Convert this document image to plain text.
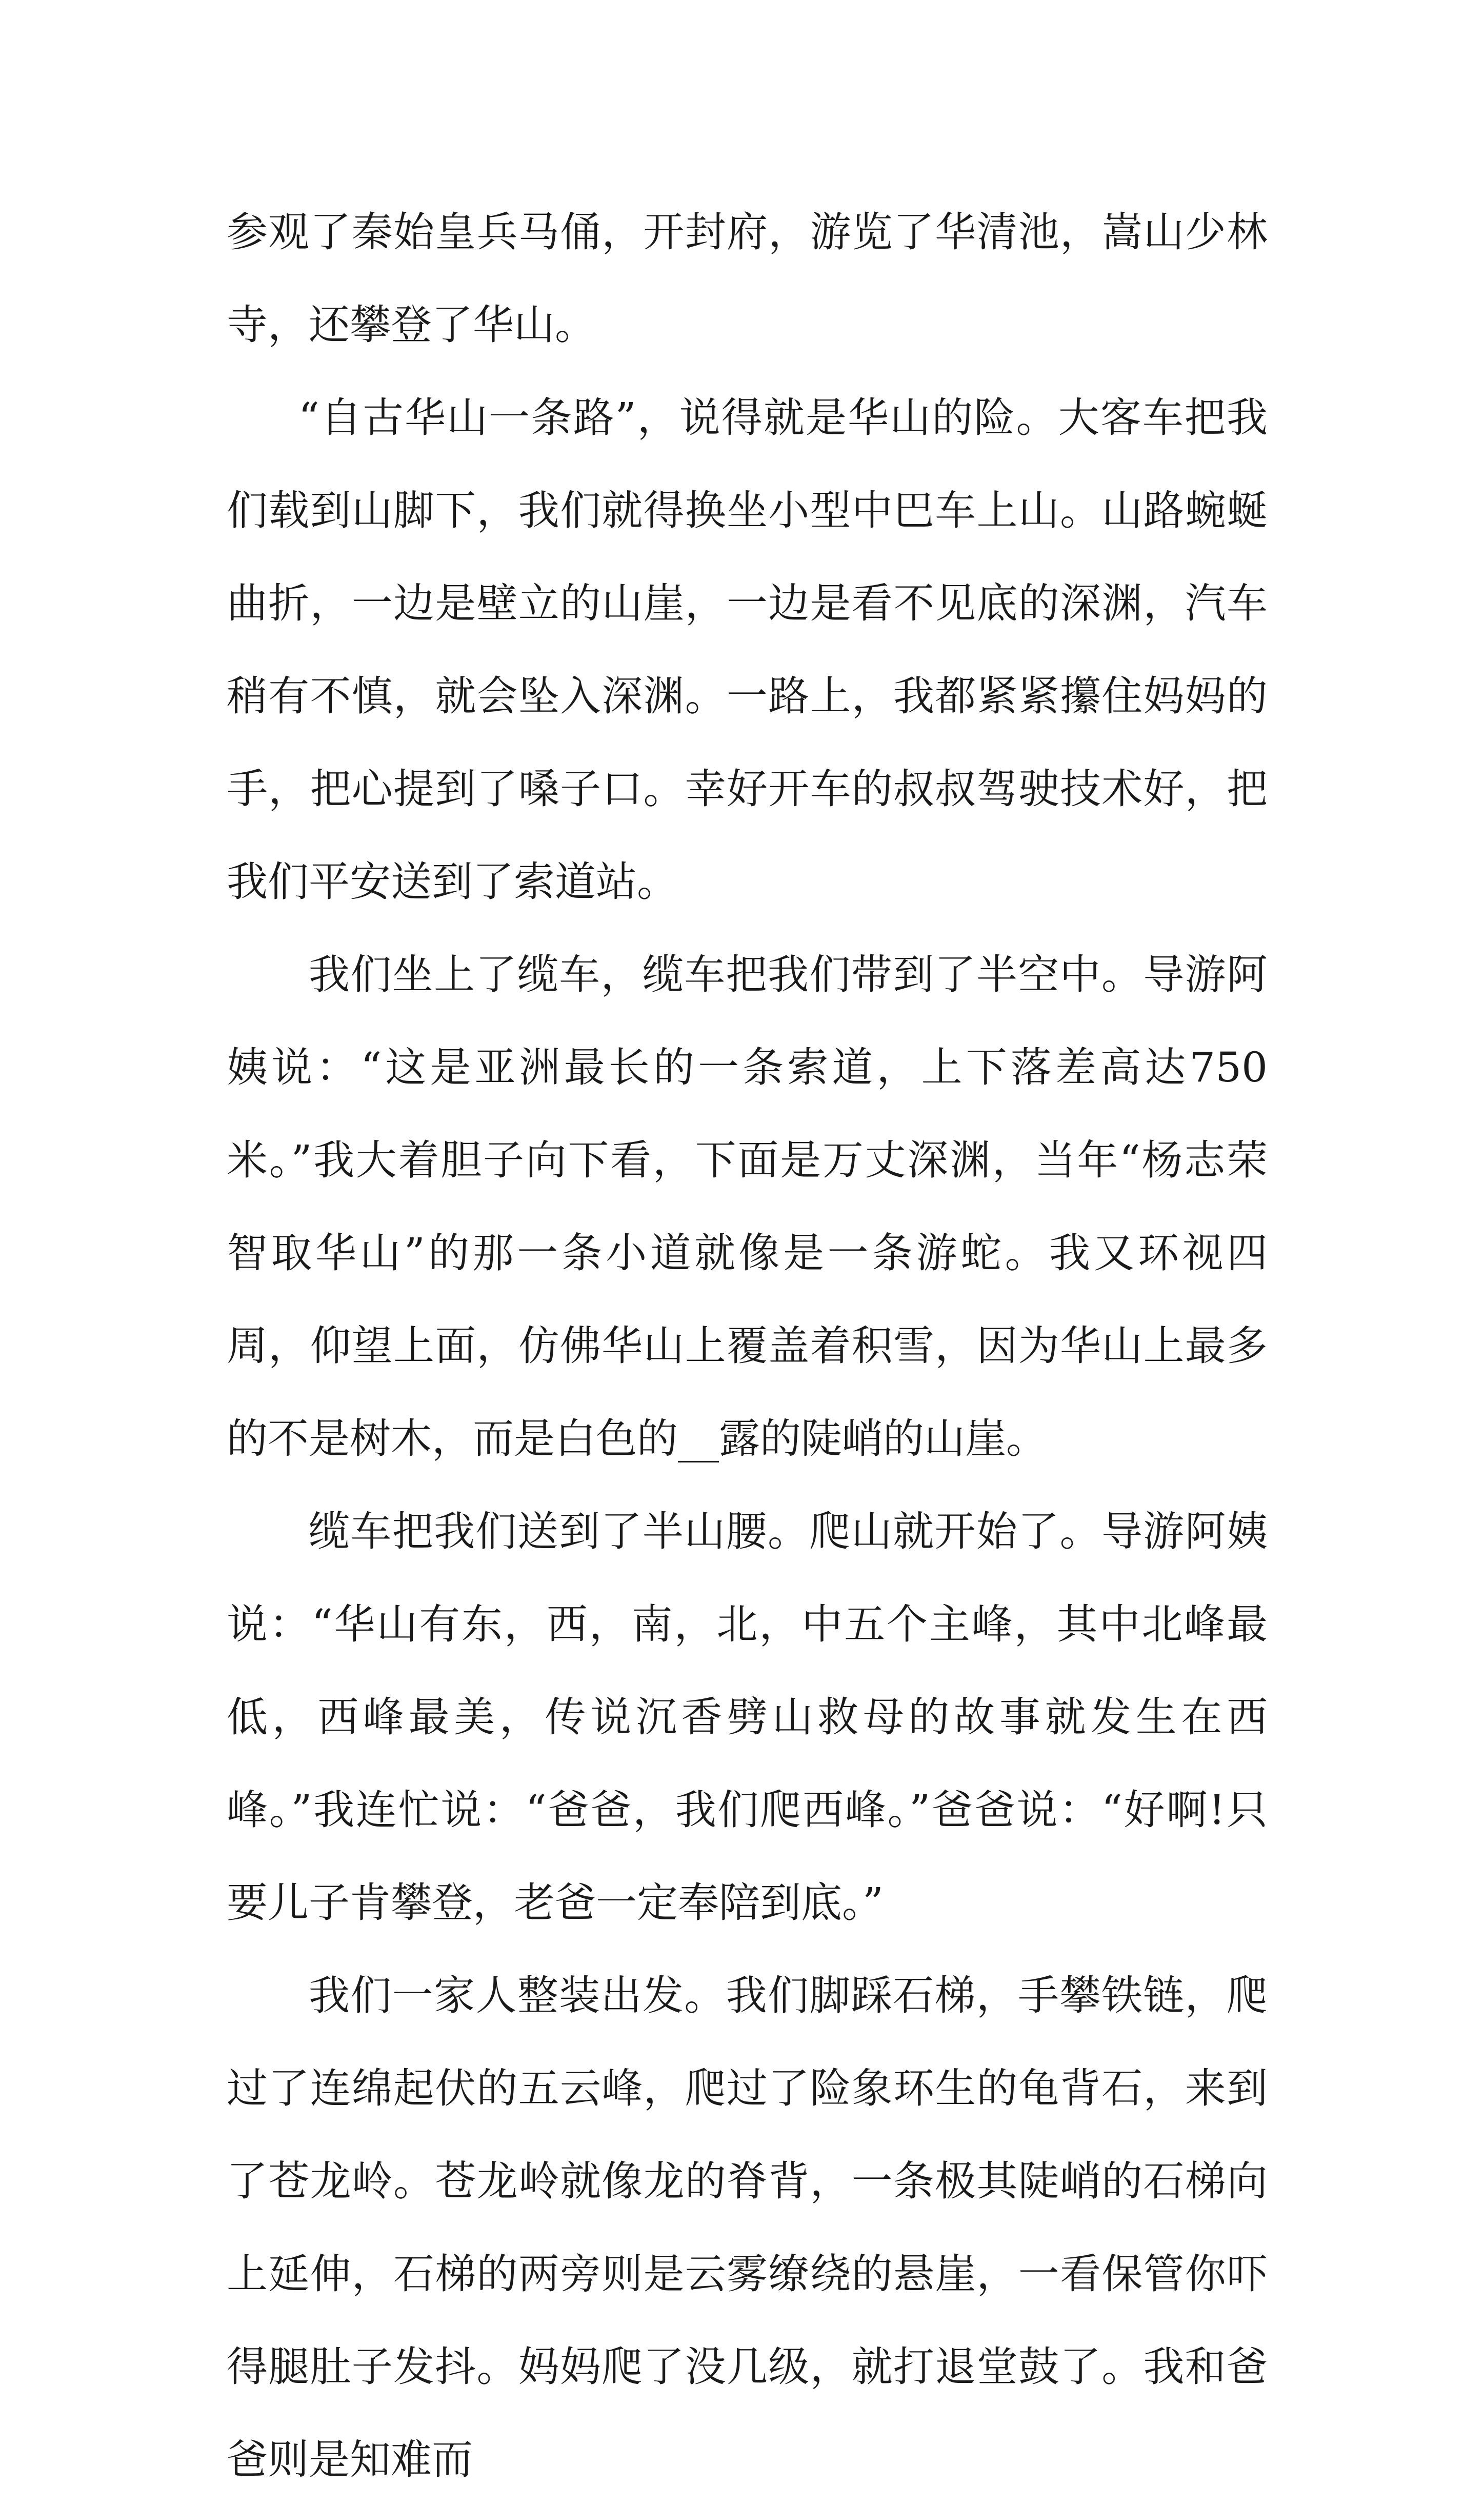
参观了秦始皇兵马俑，开封府，游览了华清池，嵩山少林寺，还攀登了华山。

“自古华山一条路”，说得就是华山的险。大客车把我们载到山脚下，我们就得换坐小型中巴车上山。山路蜿蜒曲折，一边是壁立的山崖，一边是看不见底的深渊，汽车稍有不慎，就会坠入深渊。一路上，我都紧紧攥住妈妈的手，把心提到了嗓子口。幸好开车的叔叔驾驶技术好，把我们平安送到了索道站。

我们坐上了缆车，缆车把我们带到了半空中。导游阿姨说：“这是亚洲最长的一条索道，上下落差高达750米。”我大着胆子向下看，下面是万丈深渊，当年“杨志荣智取华山”的那一条小道就像是一条游蛇。我又环视四周，仰望上面，仿佛华山上覆盖着积雪，因为华山上最多的不是树木，而是白色的__露的陡峭的山崖。

缆车把我们送到了半山腰。爬山就开始了。导游阿姨说：“华山有东，西，南，北，中五个主峰，其中北峰最低，西峰最美，传说沉香劈山救母的故事就发生在西峰。”我连忙说：“爸爸，我们爬西峰。”爸爸说：“好啊!只要儿子肯攀登，老爸一定奉陪到底。”

我们一家人整装出发。我们脚踩石梯，手攀铁链，爬过了连绵起伏的五云峰，爬过了险象环生的龟背石，来到了苍龙岭。苍龙岭就像龙的脊背，一条极其陡峭的石梯向上延伸，石梯的两旁则是云雾缭绕的悬崖，一看保管你吓得腿肚子发抖。妈妈爬了没几级，就打退堂鼓了。我和爸爸则是知难而
